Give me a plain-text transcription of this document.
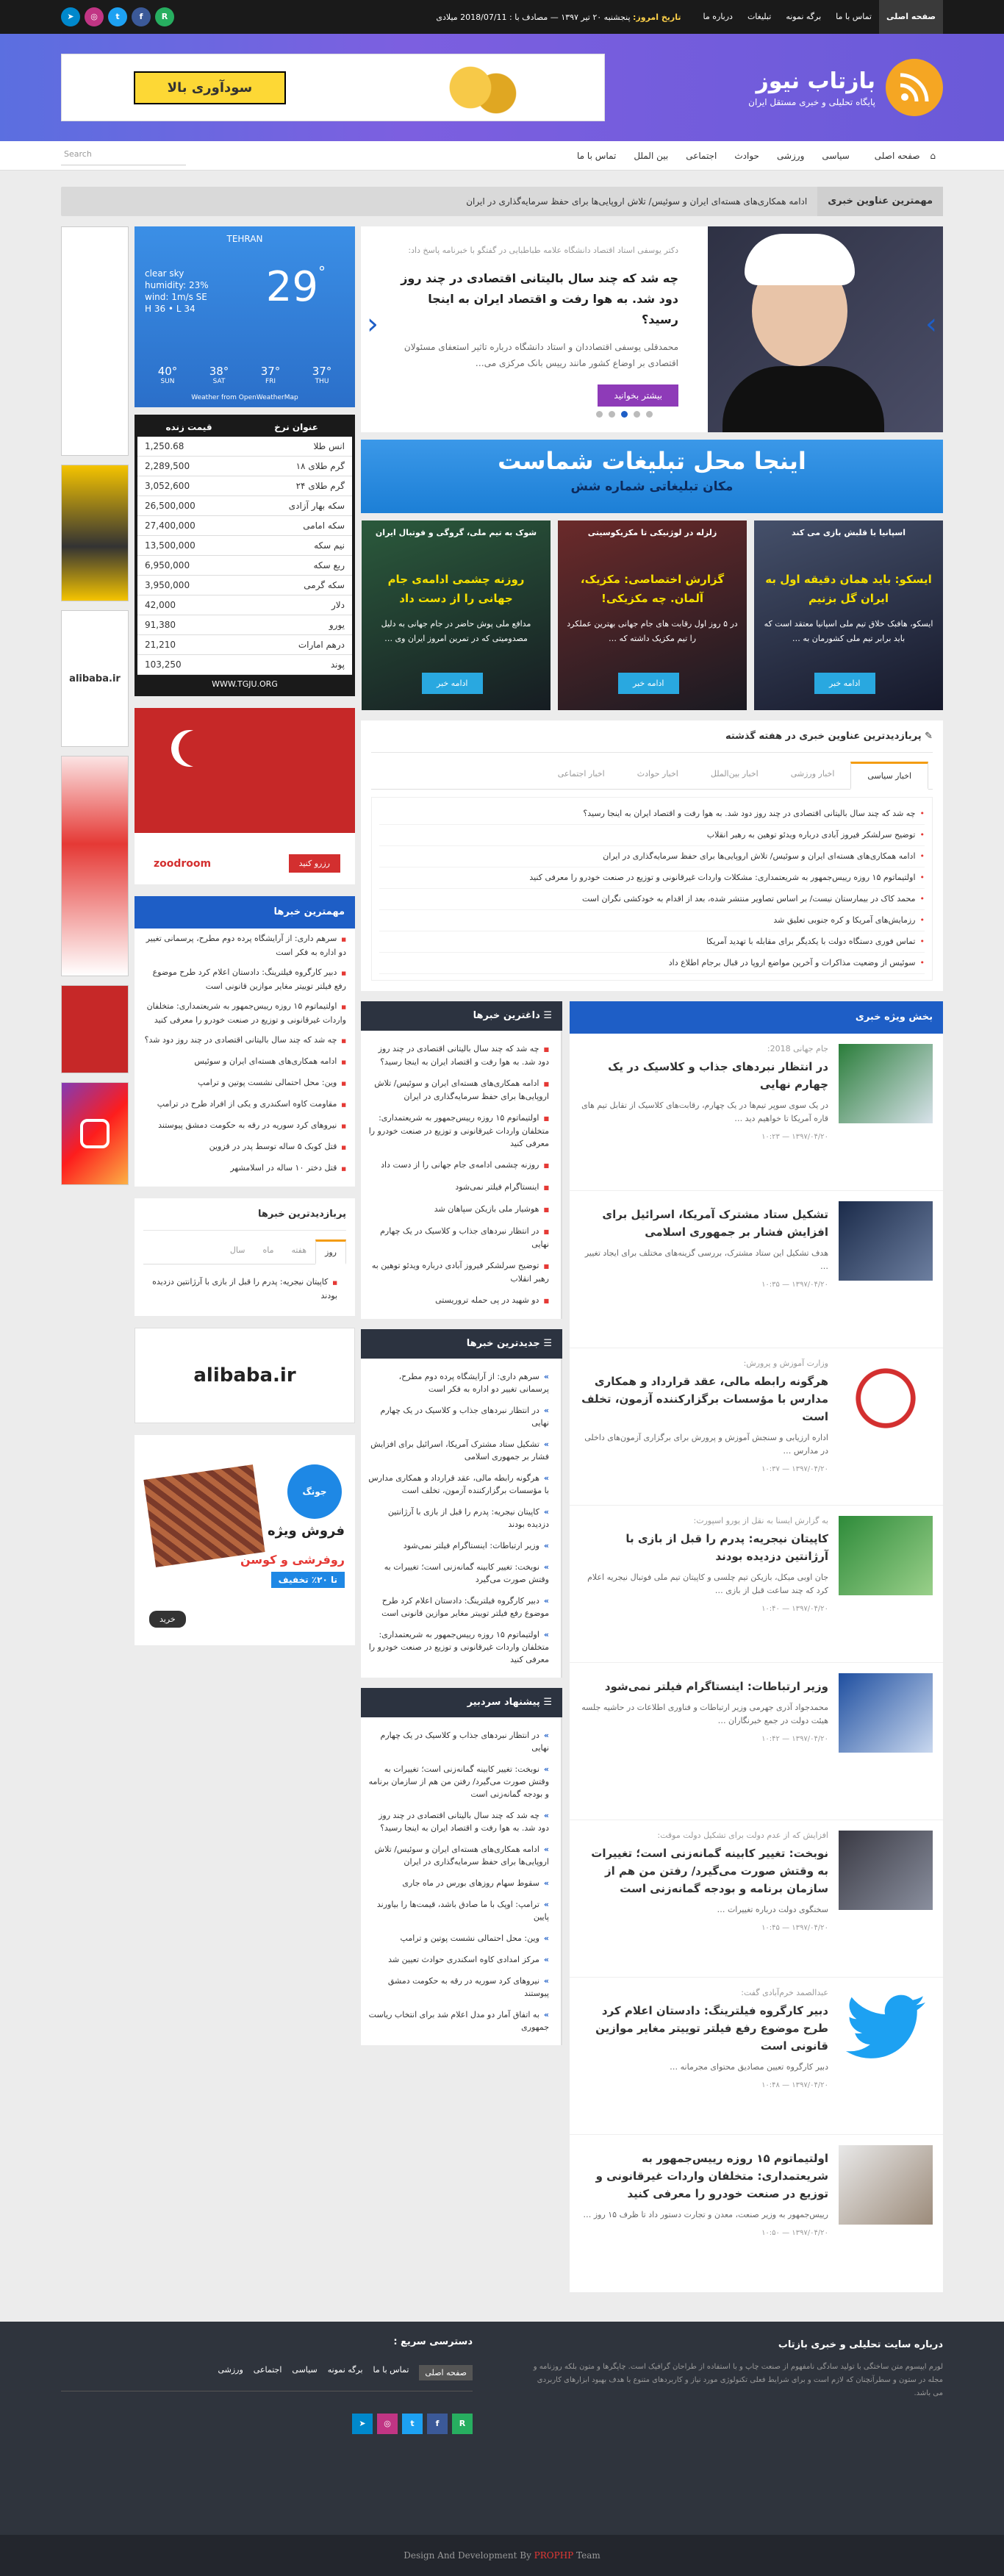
صفحه اصلی
تماس با ما
برگه نمونه
تبلیغات
درباره ما
تاریخ امروز: پنجشنبه ۲۰ تیر ۱۳۹۷ — مصادف با : 2018/07/11 میلادی
R
f
t
◎
➤
بازتاب نیوز

پایگاه تحلیلی و خبری مستقل ایران

سودآوری بالا
⌂ صفحه اصلی
سیاسی
ورزشی
حوادث
اجتماعی
بین الملل
تماس با ما
Search
مهمترین عناوین خبری
ادامه همکاری‌های هسته‌ای ایران و سوئیس/ تلاش اروپایی‌ها برای حفظ سرمایه‌گذاری در ایران
دکتر یوسفی استاد اقتصاد دانشگاه علامه طباطبایی در گفتگو با خبرنامه پاسخ داد:
چه شد که چند سال بالیتانی اقتصادی در چند روز دود شد. به هوا رفت و اقتصاد ایران به اینجا رسید؟

محمدقلی یوسفی اقتصاددان و استاد دانشگاه درباره تاثیر استعفای مسئولان اقتصادی بر اوضاع کشور مانند رییس بانک مرکزی می…

بیشتر بخوانید
›
‹
اینجا محل تبلیغات شماست

مکان تبلیغاتی شماره شش

اسپانیا با قلبش بازی می کند
ایسکو: باید همان دقیقه اول به ایران گل بزنیم

ایسکو، هافبک خلاق تیم ملی اسپانیا معتقد است که باید برابر تیم ملی کشورمان به …

ادامه خبر
زلزله در لوژنیکی تا مکزیکوسیتی
گزارش اختصاصی: مکزیک، آلمان. چه مکزیکی!

در ۵ روز اول رقابت های جام جهانی بهترین عملکرد را تیم مکزیک داشته که …

ادامه خبر
شوک به تیم ملی، گروگی و فوتبال ایران
روزنه چشمی ادامه‌ی جام جهانی را از دست داد

مدافع ملی پوش حاضر در جام جهانی به دلیل مصدومیتی که در تمرین امروز ایران وی …

ادامه خبر
✎ پربازدیدترین عناوین خبری در هفته گذشته
اخبار سیاسی
اخبار ورزشی
اخبار بین‌الملل
اخبار حوادث
اخبار اجتماعی
• چه شد که چند سال بالیتانی اقتصادی در چند روز دود شد. به هوا رفت و اقتصاد ایران به اینجا رسید؟
• توضیح سرلشکر فیروز آبادی درباره ویدئو توهین به رهبر انقلاب
• ادامه همکاری‌های هسته‌ای ایران و سوئیس/ تلاش اروپایی‌ها برای حفظ سرمایه‌گذاری در ایران
• اولتیماتوم ۱۵ روزه رییس‌جمهور به شریعتمداری: مشکلات واردات غیرقانونی و توزیع در صنعت خودرو را معرفی کنید
• محمد کاک در بیمارستان نیست/ بر اساس تصاویر منتشر شده، بعد از اقدام به خودکشی نگران است
• رزمایش‌های آمریکا و کره جنوبی تعلیق شد
• تماس فوری دستگاه دولت با یکدیگر برای مقابله با تهدید آمریکا
• سوئیس از وضعیت مذاکرات و آخرین مواضع اروپا در قبال برجام اطلاع داد
بخش ویژه خبری
جام جهانی 2018:
در انتظار نبردهای جذاب و کلاسیک در یک چهارم نهایی

در یک سوی سوپر تیم‌ها در یک چهارم، رقابت‌های کلاسیک از تقابل تیم های قاره آمریکا تا خواهیم دید …

۱۳۹۷/۰۴/۲۰ — ۱۰:۲۳
تشکیل ستاد مشترک آمریکا، اسرائیل برای افزایش فشار بر جمهوری اسلامی

هدف تشکیل این ستاد مشترک، بررسی گزینه‌های مختلف برای ایجاد تغییر …

۱۳۹۷/۰۴/۲۰ — ۱۰:۳۵
وزارت آموزش و پرورش:
هرگونه رابطه مالی، عقد قرارداد و همکاری مدارس با مؤسسات برگزارکننده آزمون، تخلف است

اداره ارزیابی و سنجش آموزش و پرورش برای برگزاری آزمون‌های داخلی در مدارس …

۱۳۹۷/۰۴/۲۰ — ۱۰:۳۷
به گزارش ایسنا به نقل از یورو اسپورت:
کاپیتان نیجریه: پدرم را قبل از بازی با آرژانتین دزدیده بودند

جان اوبی میکل، بازیکن تیم چلسی و کاپیتان تیم ملی فوتبال نیجریه اعلام کرد که چند ساعت قبل از بازی …

۱۳۹۷/۰۴/۲۰ — ۱۰:۴۰
وزیر ارتباطات: اینستاگرام فیلتر نمی‌شود

محمدجواد آذری جهرمی وزیر ارتباطات و فناوری اطلاعات در حاشیه جلسه هیئت دولت در جمع خبرنگاران …

۱۳۹۷/۰۴/۲۰ — ۱۰:۴۲
افزایش که از عدم دولت برای تشکیل دولت موقت:
نوبخت: تغییر کابینه گمانه‌زنی است؛ تغییرات به وقتش صورت می‌گیرد/ رفتن من هم از سازمان برنامه و بودجه گمانه‌زنی است

سخنگوی دولت درباره تغییرات …

۱۳۹۷/۰۴/۲۰ — ۱۰:۴۵
عبدالصمد خرم‌آبادی گفت:
دبیر کارگروه فیلترینگ: دادستان اعلام کرد طرح موضوع رفع فیلتر توییتر مغایر موازین قانونی است

دبیر کارگروه تعیین مصادیق محتوای مجرمانه …

۱۳۹۷/۰۴/۲۰ — ۱۰:۴۸
اولتیماتوم ۱۵ روزه رییس‌جمهور به شریعتمداری: متخلفان واردات غیرقانونی و توزیع در صنعت خودرو را معرفی کنید

رییس‌جمهور به وزیر صنعت، معدن و تجارت دستور داد تا ظرف ۱۵ روز …

۱۳۹۷/۰۴/۲۰ — ۱۰:۵۰
☰ داغترین خبرها
■ چه شد که چند سال بالیتانی اقتصادی در چند روز دود شد. به هوا رفت و اقتصاد ایران به اینجا رسید؟
■ ادامه همکاری‌های هسته‌ای ایران و سوئیس/ تلاش اروپایی‌ها برای حفظ سرمایه‌گذاری در ایران
■ اولتیماتوم ۱۵ روزه رییس‌جمهور به شریعتمداری: متخلفان واردات غیرقانونی و توزیع در صنعت خودرو را معرفی کنید
■ روزنه چشمی ادامه‌ی جام جهانی را از دست داد
■ اینستاگرام فیلتر نمی‌شود
■ هوشیار ملی بازیکن سپاهان شد
■ در انتظار نبردهای جذاب و کلاسیک در یک چهارم نهایی
■ توضیح سرلشکر فیروز آبادی درباره ویدئو توهین به رهبر انقلاب
■ دو شهید در پی حمله تروریستی
☰ جدیدترین خبرها
» سرهم داری: از آرایشگاه پرده دوم مطرح، پرسمانی تغییر دو اداره به فکر است
» در انتظار نبردهای جذاب و کلاسیک در یک چهارم نهایی
» تشکیل ستاد مشترک آمریکا، اسرائیل برای افزایش فشار بر جمهوری اسلامی
» هرگونه رابطه مالی، عقد قرارداد و همکاری مدارس با مؤسسات برگزارکننده آزمون، تخلف است
» کاپیتان نیجریه: پدرم را قبل از بازی با آرژانتین دزدیده بودند
» وزیر ارتباطات: اینستاگرام فیلتر نمی‌شود
» نوبخت: تغییر کابینه گمانه‌زنی است؛ تغییرات به وقتش صورت می‌گیرد
» دبیر کارگروه فیلترینگ: دادستان اعلام کرد طرح موضوع رفع فیلتر توییتر مغایر موازین قانونی است
» اولتیماتوم ۱۵ روزه رییس‌جمهور به شریعتمداری: متخلفان واردات غیرقانونی و توزیع در صنعت خودرو را معرفی کنید
☰ پیشنهاد سردبیر
» در انتظار نبردهای جذاب و کلاسیک در یک چهارم نهایی
» نوبخت: تغییر کابینه گمانه‌زنی است؛ تغییرات به وقتش صورت می‌گیرد/ رفتن من هم از سازمان برنامه و بودجه گمانه‌زنی است
» چه شد که چند سال بالیتانی اقتصادی در چند روز دود شد. به هوا رفت و اقتصاد ایران به اینجا رسید؟
» ادامه همکاری‌های هسته‌ای ایران و سوئیس/ تلاش اروپایی‌ها برای حفظ سرمایه‌گذاری در ایران
» سقوط سهام روزهای بورس در ماه جاری
» ترامپ: اوپک با ما صادق باشد، قیمت‌ها را بیاورند پایین
» وین: محل احتمالی نشست پوتین و ترامپ
» مرکز امدادی کاوه اسکندری حوادث تعیین شد
» نیروهای کرد سوریه در رقه به حکومت دمشق پیوستند
» به اتفاق آمار دو مدل اعلام شد برای انتخاب ریاست جمهوری
TEHRAN
29°
clear sky
humidity: 23%
wind: 1m/s SE
H 36 • L 34
37°
THU
37°
FRI
38°
SAT
40°
SUN
Weather from OpenWeatherMap
عنوان نرخ	قیمت زنده
انس طلا	1,250.68
گرم طلای ۱۸	2,289,500
گرم طلای ۲۴	3,052,600
سکه بهار آزادی	26,500,000
سکه امامی	27,400,000
نیم سکه	13,500,000
ربع سکه	6,950,000
سکه گرمی	3,950,000
دلار	42,000
یورو	91,380
درهم امارات	21,210
پوند	103,250
WWW.TGJU.ORG
zoodroom	رزرو کنید
مهمترین خبرها
■ سرهم داری: از آرایشگاه پرده دوم مطرح، پرسمانی تغییر دو اداره به فکر است
■ دبیر کارگروه فیلترینگ: دادستان اعلام کرد طرح موضوع رفع فیلتر توییتر مغایر موازین قانونی است
■ اولتیماتوم ۱۵ روزه رییس‌جمهور به شریعتمداری: متخلفان واردات غیرقانونی و توزیع در صنعت خودرو را معرفی کنید
■ چه شد که چند سال بالیتانی اقتصادی در چند روز دود شد؟
■ ادامه همکاری‌های هسته‌ای ایران و سوئیس
■ وین: محل احتمالی نشست پوتین و ترامپ
■ مقاومت کاوه اسکندری و یکی از افراد طرح در ترامپ
■ نیروهای کرد سوریه در رقه به حکومت دمشق پیوستند
■ قتل کوبک ۵ ساله توسط پدر در قزوین
■ قتل دختر ۱۰ ساله در اسلامشهر
پربازدیدترین خبرها
روز
هفته
ماه
سال
■ کاپیتان نیجریه: پدرم را قبل از بازی با آرژانتین دزدیده بودند
alibaba.ir
جونگ
فروش ویژه
روفرشی و کوسن
تا ۲۰٪ تخفیف
خرید
alibaba.ir
درباره سایت تحلیلی و خبری بازتاب

لورم ایپسوم متن ساختگی با تولید سادگی نامفهوم از صنعت چاپ و با استفاده از طراحان گرافیک است. چاپگرها و متون بلکه روزنامه و مجله در ستون و سطرآنچنان که لازم است و برای شرایط فعلی تکنولوژی مورد نیاز و کاربردهای متنوع با هدف بهبود ابزارهای کاربردی می باشد.

دسترسی سریع :
صفحه اصلی
تماس با ما
برگه نمونه
سیاسی
اجتماعی
ورزشی
R
f
t
◎
➤
Design And Development By PROPHP Team
